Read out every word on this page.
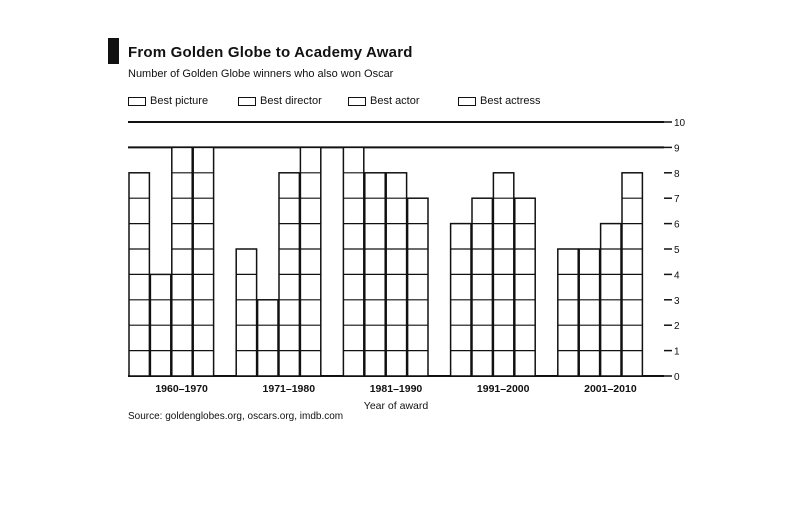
From Golden Globe to Academy Award
Number of Golden Globe winners who also won Oscar
Best picture	Best director	Best actor	Best actress
0
1
2
3
4
5
6
7
8
9
10
1960–1970	1971–1980	1981–1990	1991–2000	2001–2010
Year of award
Source: goldenglobes.org, oscars.org, imdb.com
